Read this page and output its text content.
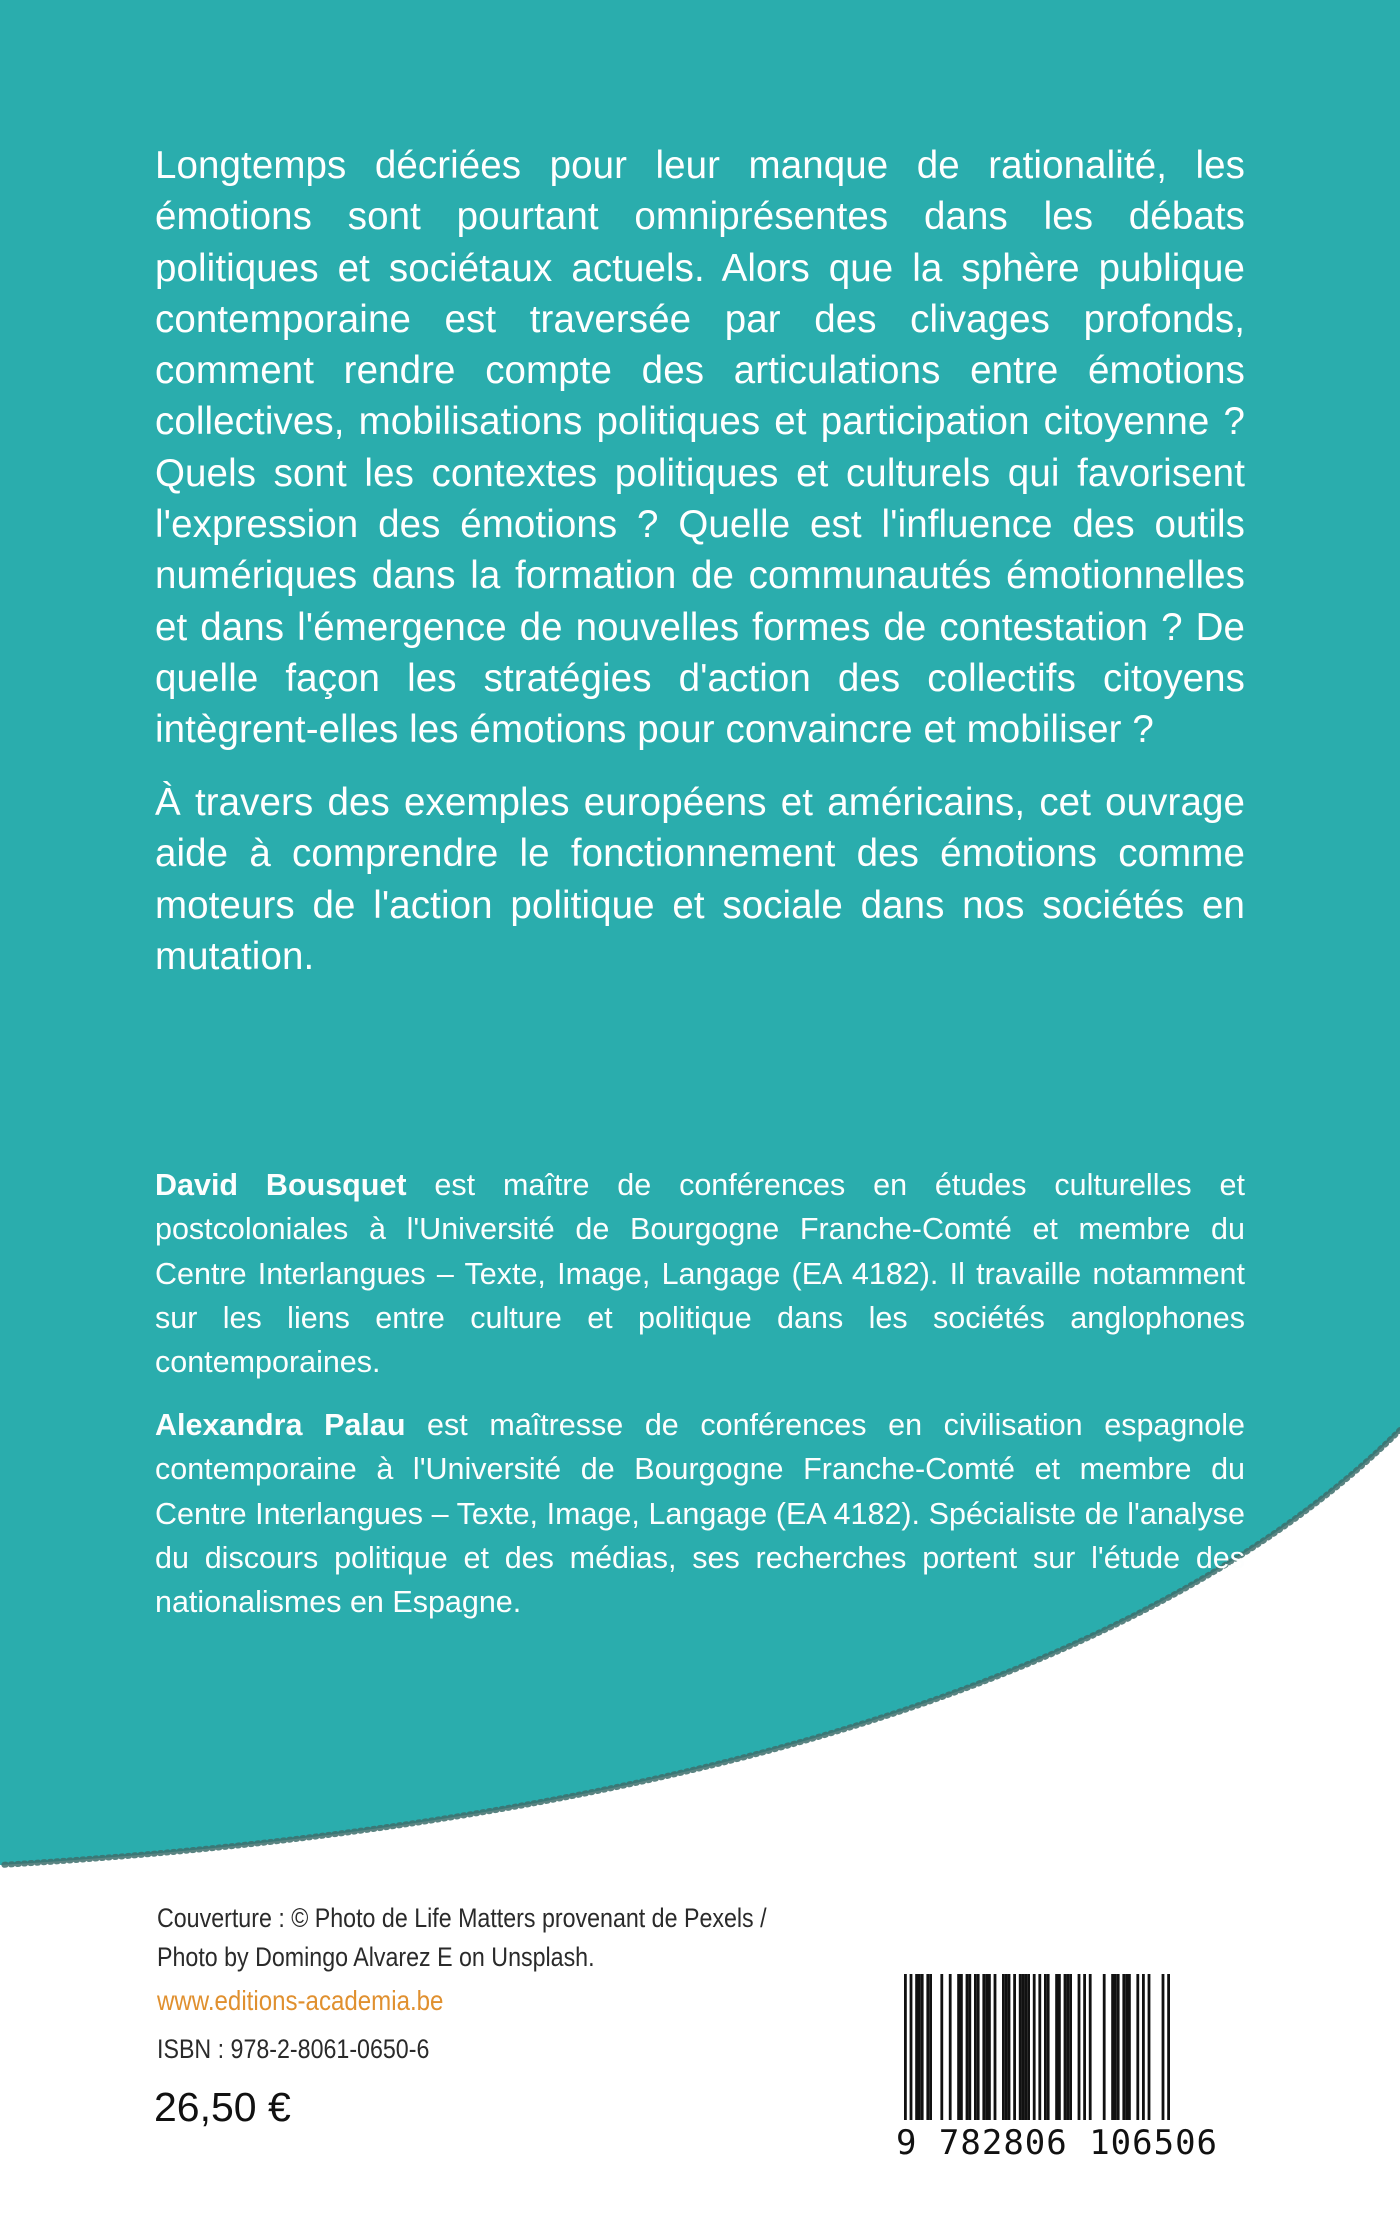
Longtemps décriées pour leur manque de rationalité, les émotions sont pourtant omniprésentes dans les débats politiques et sociétaux actuels. Alors que la sphère publique contemporaine est traversée par des clivages profonds, comment rendre compte des articulations entre émotions collectives, mobilisations politiques et participation citoyenne ? Quels sont les contextes politiques et culturels qui favorisent l'expression des émotions ? Quelle est l'influence des outils numériques dans la formation de communautés émotionnelles et dans l'émergence de nouvelles formes de contestation ? De quelle façon les stratégies d'action des collectifs citoyens intègrent-elles les émotions pour convaincre et mobiliser ?

À travers des exemples européens et américains, cet ouvrage aide à comprendre le fonctionnement des émotions comme moteurs de l'action politique et sociale dans nos sociétés en mutation.

David Bousquet est maître de conférences en études culturelles et postcoloniales à l'Université de Bourgogne Franche-Comté et membre du Centre Interlangues – Texte, Image, Langage (EA 4182). Il travaille notamment sur les liens entre culture et politique dans les sociétés anglophones contemporaines.

Alexandra Palau est maîtresse de conférences en civilisation espagnole contemporaine à l'Université de Bourgogne Franche-Comté et membre du Centre Interlangues – Texte, Image, Langage (EA 4182). Spécialiste de l'analyse du discours politique et des médias, ses recherches portent sur l'étude des nationalismes en Espagne.

Couverture : © Photo de Life Matters provenant de Pexels /

Photo by Domingo Alvarez E on Unsplash.

www.editions-academia.be

ISBN : 978-2-8061-0650-6

26,50 €

9 782806 106506
